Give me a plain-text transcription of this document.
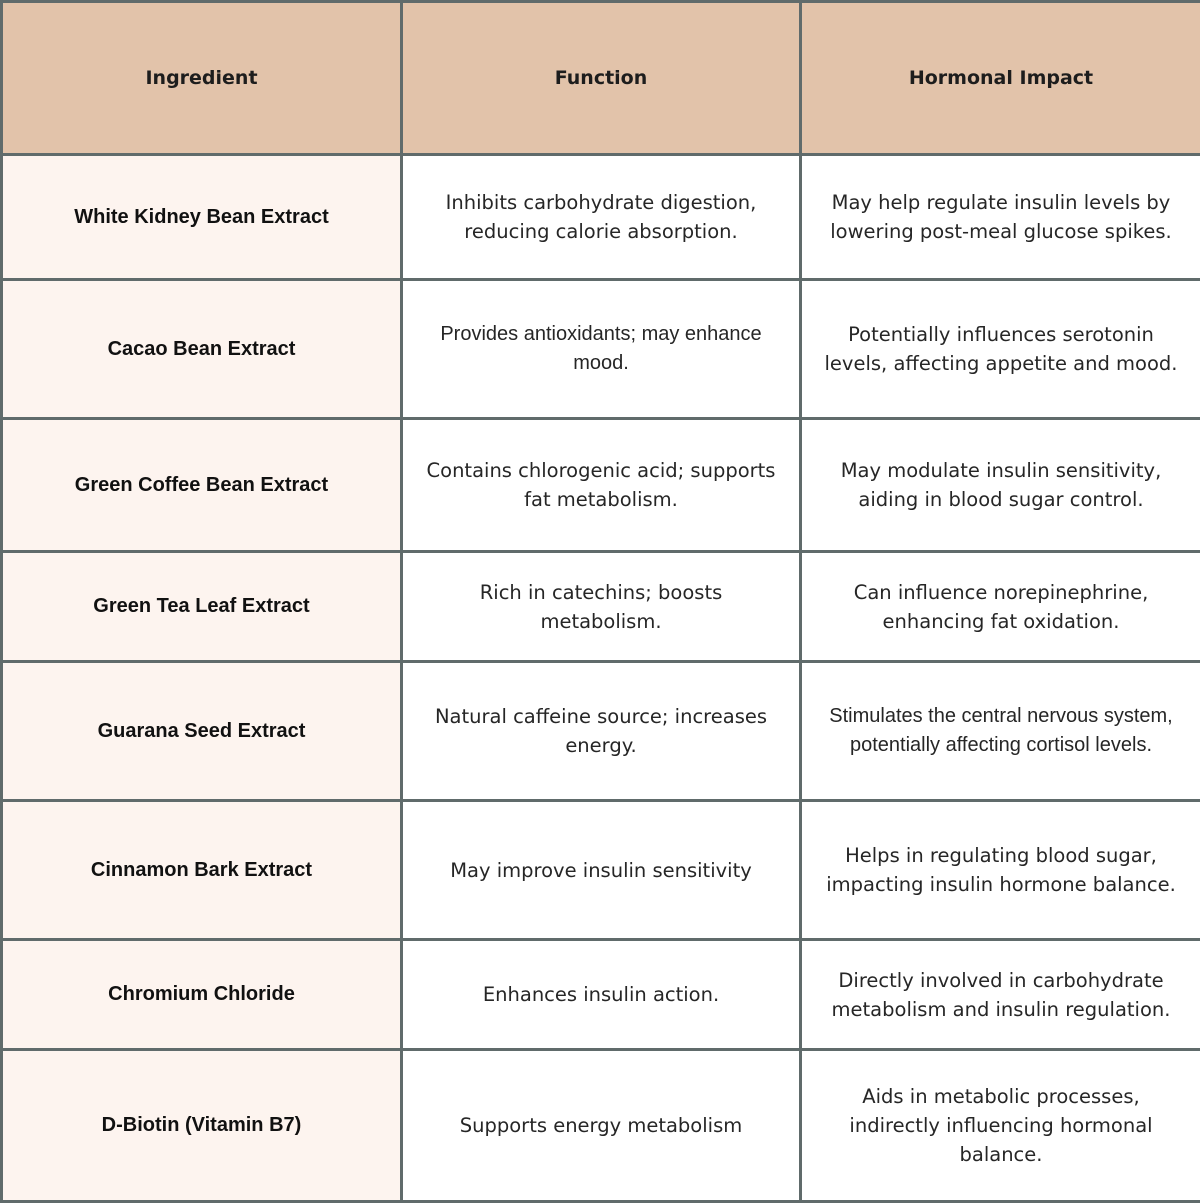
Ingredient	Function	Hormonal Impact
White Kidney Bean Extract	Inhibits carbohydrate digestion, reducing calorie absorption.	May help regulate insulin levels by lowering post-meal glucose spikes.
Cacao Bean Extract	Provides antioxidants; may enhance mood.	Potentially influences serotonin levels, affecting appetite and mood.
Green Coffee Bean Extract	Contains chlorogenic acid; supports fat metabolism.	May modulate insulin sensitivity, aiding in blood sugar control.
Green Tea Leaf Extract	Rich in catechins; boosts metabolism.	Can influence norepinephrine, enhancing fat oxidation.
Guarana Seed Extract	Natural caffeine source; increases energy.	Stimulates the central nervous system, potentially affecting cortisol levels.
Cinnamon Bark Extract	May improve insulin sensitivity	Helps in regulating blood sugar, impacting insulin hormone balance.
Chromium Chloride	Enhances insulin action.	Directly involved in carbohydrate metabolism and insulin regulation.
D-Biotin (Vitamin B7)	Supports energy metabolism	Aids in metabolic processes, indirectly influencing hormonal balance.
